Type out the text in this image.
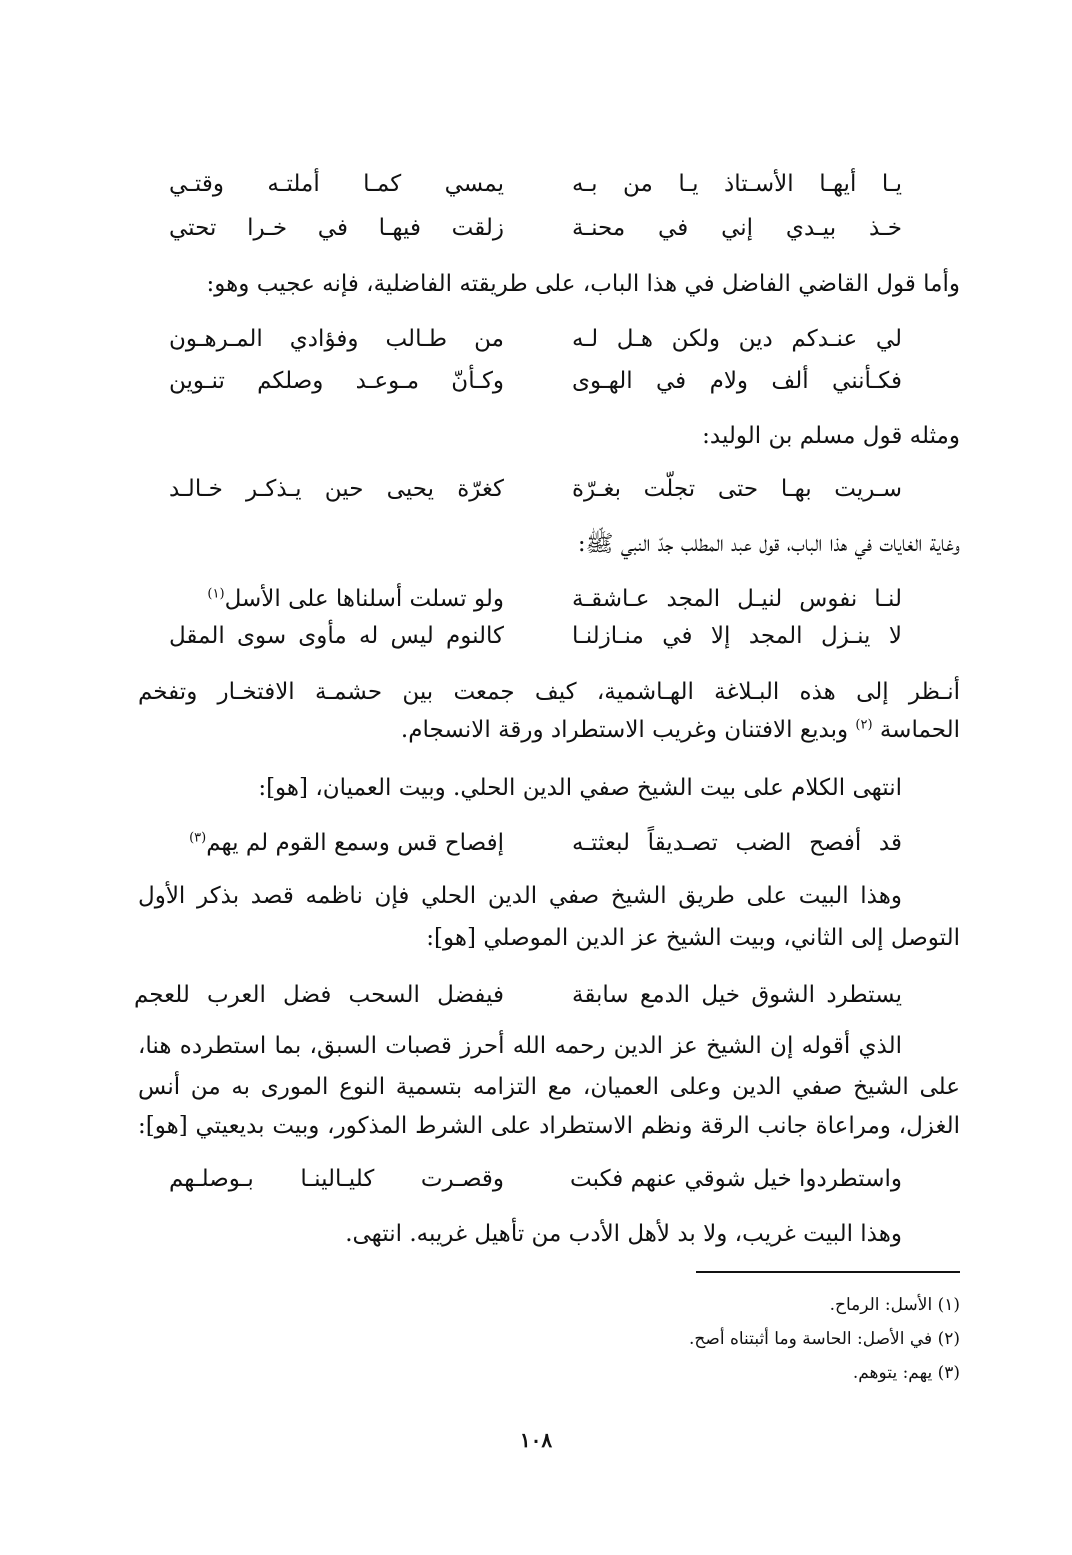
يـا أيهـا الأسـتاذ يـا من بـه
يمسي كمـا أملتـه وقتـي
خـذ بيـدي إني في محنـة
زلقت فيهـا في خـرا تحتي
وأما قول القاضي الفاضل في هذا الباب، على طريقته الفاضلية، فإنه عجيب وهو:
لي عنـدكم دين ولكن هـل لـه
من طـالب وفؤادي المـرهـون
فكـأنني ألف ولام في الهـوى
وكـأنّ مـوعـد وصلكم تنـوين
ومثله قول مسلم بن الوليد:
سـريت بهـا حتى تجلّت بغـرّة
كغرّة يحيى حين يـذكـر خـالـد
وغاية الغايات في هذا الباب، قول عبد المطلب جدّ النبي ﷺ:
لنـا نفوس لنيـل المجد عـاشقـة
ولو تسلت أسلناها على الأسل$^{(١)}$
لا ينـزل المجد إلا في منـازلنـا
كالنوم ليس له مأوى سوى المقل
أنـظر إلى هذه البـلاغة الهـاشمية، كيف جمعت بين حشمـة الافتخـار وتفخم
الحماسة $^{(٢)}$ وبديع الافتنان وغريب الاستطراد ورقة الانسجام.
انتهى الكلام على بيت الشيخ صفي الدين الحلي. وبيت العميان، [هو]:
قد أفصح الضب تصـديقاً لبعثتـه
إفصاح قس وسمع القوم لم يهم$^{(٣)}$
وهذا البيت على طريق الشيخ صفي الدين الحلي فإن ناظمه قصد بذكر الأول
التوصل إلى الثاني، وبيت الشيخ عز الدين الموصلي [هو]:
يستطرد الشوق خيل الدمع سابقة
فيفضل السحب فضل العرب للعجم
الذي أقوله إن الشيخ عز الدين رحمه الله أحرز قصبات السبق، بما استطرده هنا،
على الشيخ صفي الدين وعلى العميان، مع التزامه بتسمية النوع المورى به من أنس
الغزل، ومراعاة جانب الرقة ونظم الاستطراد على الشرط المذكور، وبيت بديعيتي [هو]:
واستطردوا خيل شوقي عنهم فكبت
وقصـرت كليـالينـا بـوصلـهم
وهذا البيت غريب، ولا بد لأهل الأدب من تأهيل غريبه. انتهى.
(١) الأسل: الرماح.
(٢) في الأصل: الحاسة وما أثبتناه أصح.
(٣) يهم: يتوهم.
١٠٨
